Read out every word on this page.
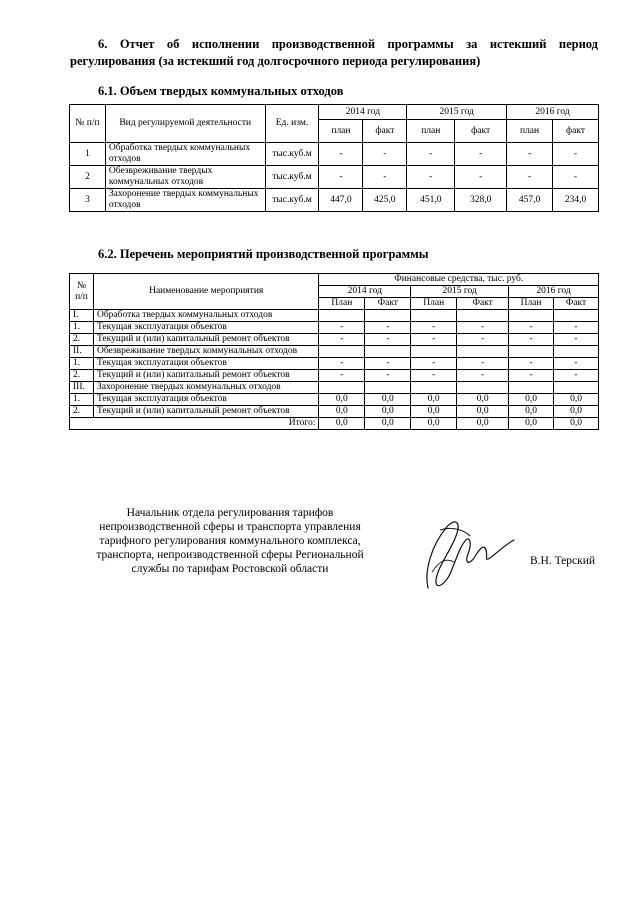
6. Отчет об исполнении производственной программы за истекший период регулирования (за истекший год долгосрочного периода регулирования)
6.1. Объем твердых коммунальных отходов
№ п/п	Вид регулируемой деятельности	Ед. изм.	2014 год		2015 год		2016 год	
			план	факт	план	факт	план	факт
1	Обработка твердых коммунальных отходов	тыс.куб.м	-	-	-	-	-	-
2	Обезвреживание твердых коммунальных отходов	тыс.куб.м	-	-	-	-	-	-
3	Захоронение твердых коммунальных отходов	тыс.куб.м	447,0	425,0	451,0	328,0	457,0	234,0
6.2. Перечень мероприятий производственной программы
№ п/п	Наименование мероприятия	Финансовые средства, тыс. руб.					
		2014 год		2015 год		2016 год	
		План	Факт	План	Факт	План	Факт
I.	Обработка твердых коммунальных отходов						
1.	Текущая эксплуатация объектов	-	-	-	-	-	-
2.	Текущий и (или) капитальный ремонт объектов	-	-	-	-	-	-
II.	Обезвреживание твердых коммунальных отходов						
1.	Текущая эксплуатация объектов	-	-	-	-	-	-
2.	Текущий и (или) капитальный ремонт объектов	-	-	-	-	-	-
III.	Захоронение твердых коммунальных отходов						
1.	Текущая эксплуатация объектов	0,0	0,0	0,0	0,0	0,0	0,0
2.	Текущий и (или) капитальный ремонт объектов	0,0	0,0	0,0	0,0	0,0	0,0
Итого:		0,0	0,0	0,0	0,0	0,0	0,0
Начальник отдела регулирования тарифов непроизводственной сферы и транспорта управления тарифного регулирования коммунального комплекса, транспорта, непроизводственной сферы Региональной службы по тарифам Ростовской области
В.Н. Терский
